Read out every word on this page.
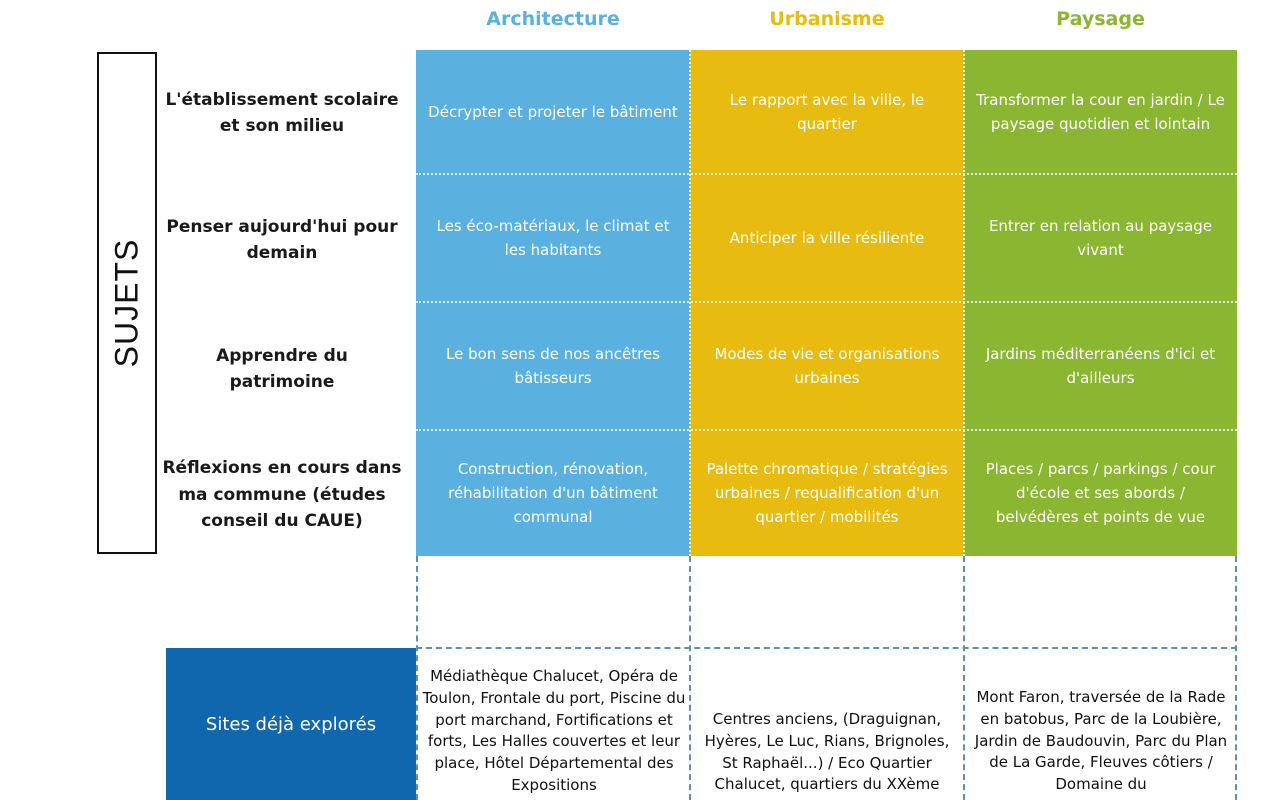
Architecture	Urbanisme	Paysage
SUJETS
L'établissement scolaire et son milieu
Penser aujourd'hui pour demain
Apprendre du patrimoine
Réflexions en cours dans ma commune (études conseil du CAUE)
Décrypter et projeter le bâtiment
Le rapport avec la ville, le quartier
Transformer la cour en jardin / Le paysage quotidien et lointain
Les éco-matériaux, le climat et les habitants
Anticiper la ville résiliente
Entrer en relation au paysage vivant
Le bon sens de nos ancêtres bâtisseurs
Modes de vie et organisations urbaines
Jardins méditerranéens d'ici et d'ailleurs
Construction, rénovation, réhabilitation d'un bâtiment communal
Palette chromatique / stratégies urbaines / requalification d'un quartier / mobilités
Places / parcs / parkings / cour d'école et ses abords / belvédères et points de vue
Sites déjà explorés
Médiathèque Chalucet, Opéra de Toulon, Frontale du port, Piscine du port marchand, Fortifications et forts, Les Halles couvertes et leur place, Hôtel Départemental des Expositions
Centres anciens, (Draguignan, Hyères, Le Luc, Rians, Brignoles, St Raphaël...) / Eco Quartier Chalucet, quartiers du XXème
Mont Faron, traversée de la Rade en batobus, Parc de la Loubière, Jardin de Baudouvin, Parc du Plan de La Garde, Fleuves côtiers / Domaine du
